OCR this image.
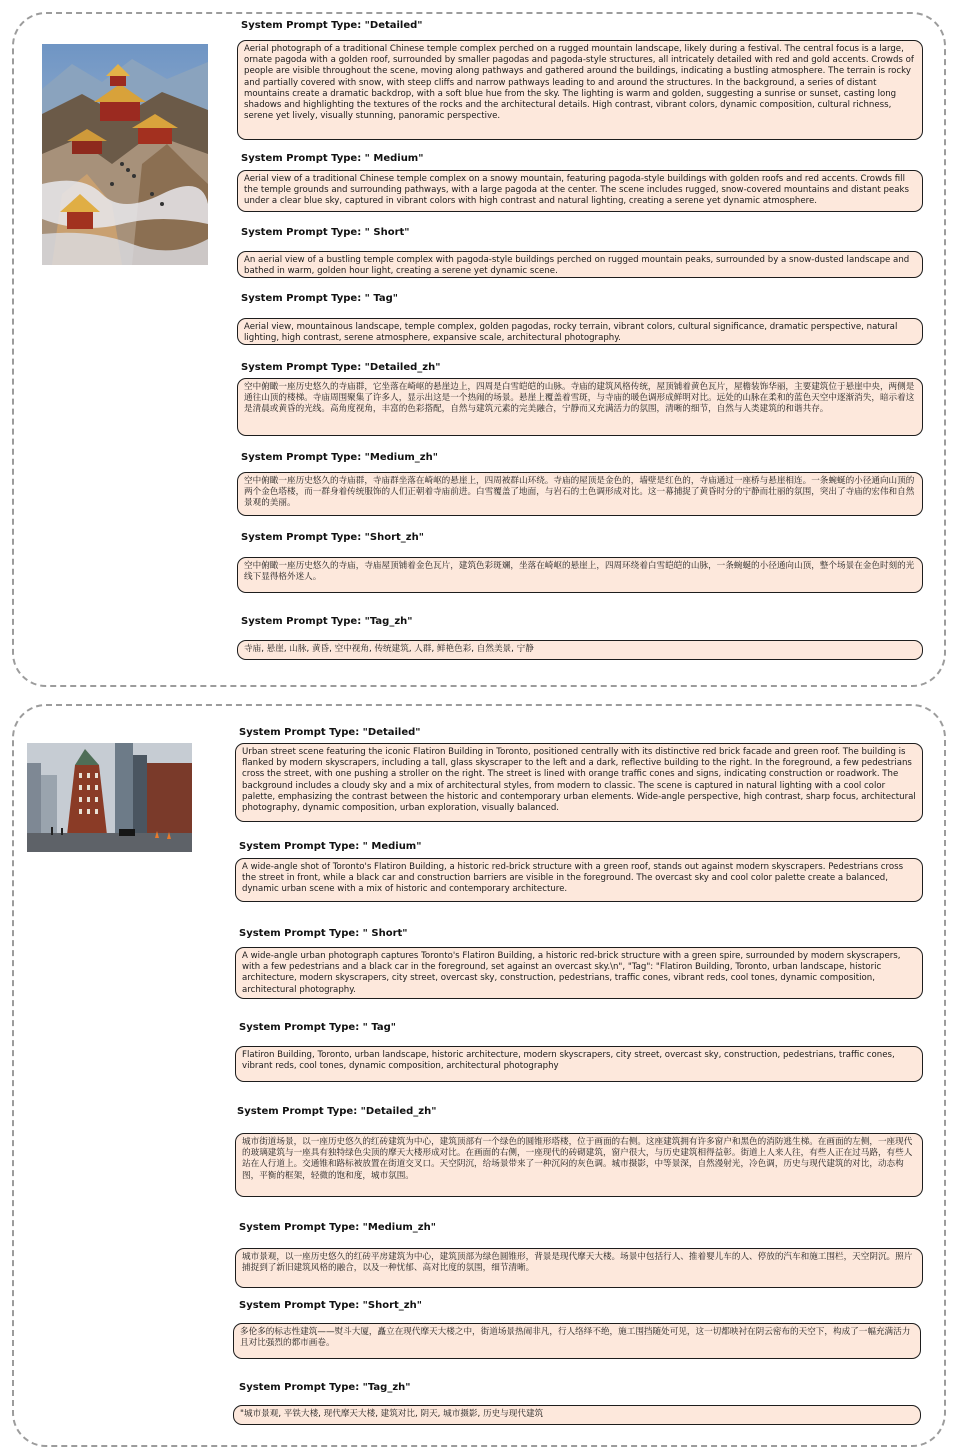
System Prompt Type: "Detailed"
Aerial photograph of a traditional Chinese temple complex perched on a rugged mountain landscape, likely during a festival. The central focus is a large, ornate pagoda with a golden roof, surrounded by smaller pagodas and pagoda-style structures, all intricately detailed with red and gold accents. Crowds of people are visible throughout the scene, moving along pathways and gathered around the buildings, indicating a bustling atmosphere. The terrain is rocky and partially covered with snow, with steep cliffs and narrow pathways leading to and around the structures. In the background, a series of distant mountains create a dramatic backdrop, with a soft blue hue from the sky. The lighting is warm and golden, suggesting a sunrise or sunset, casting long shadows and highlighting the textures of the rocks and the architectural details. High contrast, vibrant colors, dynamic composition, cultural richness, serene yet lively, visually stunning, panoramic perspective.
System Prompt Type: " Medium"
Aerial view of a traditional Chinese temple complex on a snowy mountain, featuring pagoda-style buildings with golden roofs and red accents. Crowds fill the temple grounds and surrounding pathways, with a large pagoda at the center. The scene includes rugged, snow-covered mountains and distant peaks under a clear blue sky, captured in vibrant colors with high contrast and natural lighting, creating a serene yet dynamic atmosphere.
System Prompt Type: " Short"
An aerial view of a bustling temple complex with pagoda-style buildings perched on rugged mountain peaks, surrounded by a snow-dusted landscape and bathed in warm, golden hour light, creating a serene yet dynamic scene.
System Prompt Type: " Tag"
Aerial view, mountainous landscape, temple complex, golden pagodas, rocky terrain, vibrant colors, cultural significance, dramatic perspective, natural lighting, high contrast, serene atmosphere, expansive scale, architectural photography.
System Prompt Type: "Detailed_zh"
空中俯瞰一座历史悠久的寺庙群，它坐落在崎岖的悬崖边上，四周是白雪皑皑的山脉。寺庙的建筑风格传统，屋顶铺着黄色瓦片，屋檐装饰华丽，主要建筑位于悬崖中央，两侧是通往山顶的楼梯。寺庙周围聚集了许多人，显示出这是一个热闹的场景。悬崖上覆盖着雪斑，与寺庙的暖色调形成鲜明对比。远处的山脉在柔和的蓝色天空中逐渐消失，暗示着这是清晨或黄昏的光线。高角度视角，丰富的色彩搭配，自然与建筑元素的完美融合，宁静而又充满活力的氛围，清晰的细节，自然与人类建筑的和谐共存。
System Prompt Type: "Medium_zh"
空中俯瞰一座历史悠久的寺庙群，寺庙群坐落在崎岖的悬崖上，四周被群山环绕。寺庙的屋顶是金色的，墙壁是红色的，寺庙通过一座桥与悬崖相连。一条蜿蜒的小径通向山顶的两个金色塔楼，而一群身着传统服饰的人们正朝着寺庙前进。白雪覆盖了地面，与岩石的土色调形成对比。这一幕捕捉了黄昏时分的宁静而壮丽的氛围，突出了寺庙的宏伟和自然景观的美丽。
System Prompt Type: "Short_zh"
空中俯瞰一座历史悠久的寺庙，寺庙屋顶铺着金色瓦片，建筑色彩斑斓，坐落在崎岖的悬崖上，四周环绕着白雪皑皑的山脉，一条蜿蜒的小径通向山顶，整个场景在金色时刻的光线下显得格外迷人。
System Prompt Type: "Tag_zh"
寺庙, 悬崖, 山脉, 黄昏, 空中视角, 传统建筑, 人群, 鲜艳色彩, 自然美景, 宁静
System Prompt Type: "Detailed"
Urban street scene featuring the iconic Flatiron Building in Toronto, positioned centrally with its distinctive red brick facade and green roof. The building is flanked by modern skyscrapers, including a tall, glass skyscraper to the left and a dark, reflective building to the right. In the foreground, a few pedestrians cross the street, with one pushing a stroller on the right. The street is lined with orange traffic cones and signs, indicating construction or roadwork. The background includes a cloudy sky and a mix of architectural styles, from modern to classic. The scene is captured in natural lighting with a cool color palette, emphasizing the contrast between the historic and contemporary urban elements. Wide-angle perspective, high contrast, sharp focus, architectural photography, dynamic composition, urban exploration, visually balanced.
System Prompt Type: " Medium"
A wide-angle shot of Toronto's Flatiron Building, a historic red-brick structure with a green roof, stands out against modern skyscrapers. Pedestrians cross the street in front, while a black car and construction barriers are visible in the foreground. The overcast sky and cool color palette create a balanced, dynamic urban scene with a mix of historic and contemporary architecture.
System Prompt Type: " Short"
A wide-angle urban photograph captures Toronto's Flatiron Building, a historic red-brick structure with a green spire, surrounded by modern skyscrapers, with a few pedestrians and a black car in the foreground, set against an overcast sky.\n", "Tag": "Flatiron Building, Toronto, urban landscape, historic architecture, modern skyscrapers, city street, overcast sky, construction, pedestrians, traffic cones, vibrant reds, cool tones, dynamic composition, architectural photography.
System Prompt Type: " Tag"
Flatiron Building, Toronto, urban landscape, historic architecture, modern skyscrapers, city street, overcast sky, construction, pedestrians, traffic cones, vibrant reds, cool tones, dynamic composition, architectural photography
System Prompt Type: "Detailed_zh"
城市街道场景，以一座历史悠久的红砖建筑为中心，建筑顶部有一个绿色的圆锥形塔楼，位于画面的右侧。这座建筑拥有许多窗户和黑色的消防逃生梯。在画面的左侧，一座现代的玻璃建筑与一座具有独特绿色尖顶的摩天大楼形成对比。在画面的右侧，一座现代的砖砌建筑，窗户很大，与历史建筑相得益彰。街道上人来人往，有些人正在过马路，有些人站在人行道上。交通锥和路标被放置在街道交叉口。天空阴沉，给场景带来了一种沉闷的灰色调。城市摄影，中等景深，自然漫射光，冷色调，历史与现代建筑的对比，动态构图，平衡的框架，轻微的饱和度，城市氛围。
System Prompt Type: "Medium_zh"
城市景观，以一座历史悠久的红砖平房建筑为中心，建筑顶部为绿色圆锥形，背景是现代摩天大楼。场景中包括行人、推着婴儿车的人、停放的汽车和施工围栏，天空阴沉。照片捕捉到了新旧建筑风格的融合，以及一种忧郁、高对比度的氛围，细节清晰。
System Prompt Type: "Short_zh"
多伦多的标志性建筑——熨斗大厦，矗立在现代摩天大楼之中，街道场景热闹非凡，行人络绎不绝，施工围挡随处可见，这一切都映衬在阴云密布的天空下，构成了一幅充满活力且对比强烈的都市画卷。
System Prompt Type: "Tag_zh"
"城市景观, 平铁大楼, 现代摩天大楼, 建筑对比, 阴天, 城市摄影, 历史与现代建筑
